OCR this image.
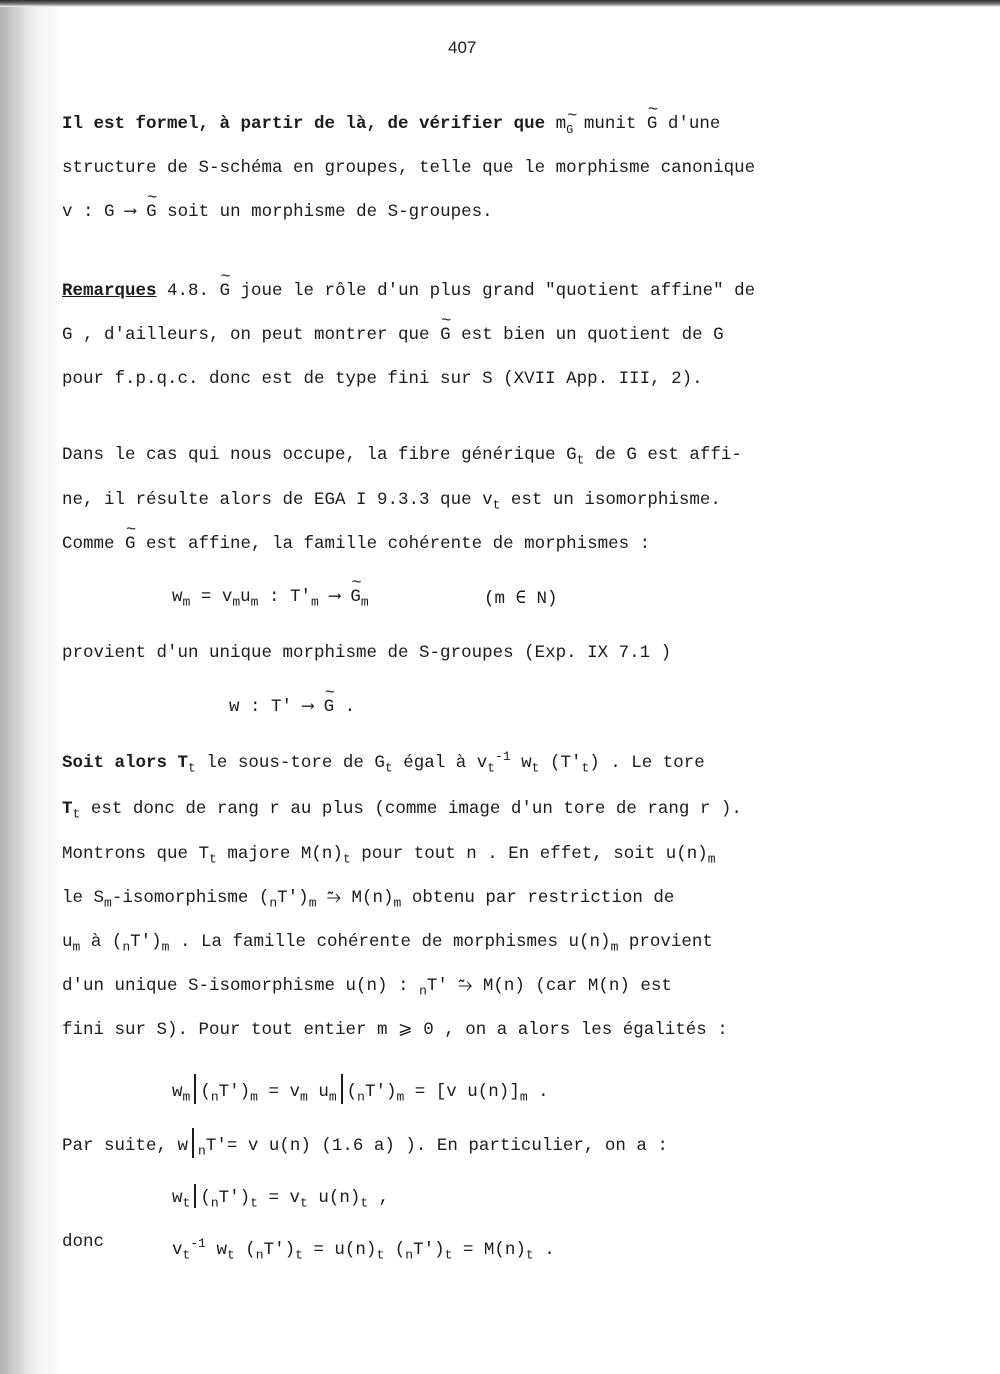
407
Il est formel, à partir de là, de vérifier que $m_G$ munit ~ G d'une
structure de S-schéma en groupes, telle que le morphisme canonique
v : G ⟶ ~ G soit un morphisme de S-groupes.
Remarques 4.8. ~ G joue le rôle d'un plus grand "quotient affine" de
G , d'ailleurs, on peut montrer que ~ G est bien un quotient de G
pour f.p.q.c. donc est de type fini sur S (XVII App. III, 2).
Dans le cas qui nous occupe, la fibre générique $G_t$ de G est affi-
ne, il résulte alors de EGA I 9.3.3 que $v_t$ est un isomorphisme.
Comme ~ G est affine, la famille cohérente de morphismes :
$w_m = v_mu_m$ : $T'_m$ ⟶ ~ $G_m$	(m ∈ N)
provient d'un unique morphisme de S-groupes (Exp. IX 7.1 )
w : T' ⟶ ~ G .
Soit alors $T_t$ le sous-tore de $G_t$ égal à $v_t^{-1}$ $w_t$ $(T'_t)$ . Le tore
$T_t$ est donc de rang r au plus (comme image d'un tore de rang r ).
Montrons que $T_t$ majore $M(n)_t$ pour tout n . En effet, soit $u(n)_m$
le $S_m$-isomorphisme $(_nT')_m$ ⥲ $M(n)_m$ obtenu par restriction de
$u_m$ à $(_nT')_m$ . La famille cohérente de morphismes $u(n)_m$ provient
d'un unique S-isomorphisme u(n) : $_n$T' ⥲ M(n) (car M(n) est
fini sur S). Pour tout entier m ⩾ 0 , on a alors les égalités :
$w_m$ $(_nT')_m = v_m$ $u_m$ $(_nT')_m = [v$ $u(n)]_m$ .
Par suite, w $_n$T'= v u(n) (1.6 a) ). En particulier, on a :
$w_t$ $(_nT')_t = v_t$ $u(n)_t$ ,
donc	$v_t^{-1}$ $w_t$ $(_nT')_t = u(n)_t$ $(_nT')_t = M(n)_t$ .
